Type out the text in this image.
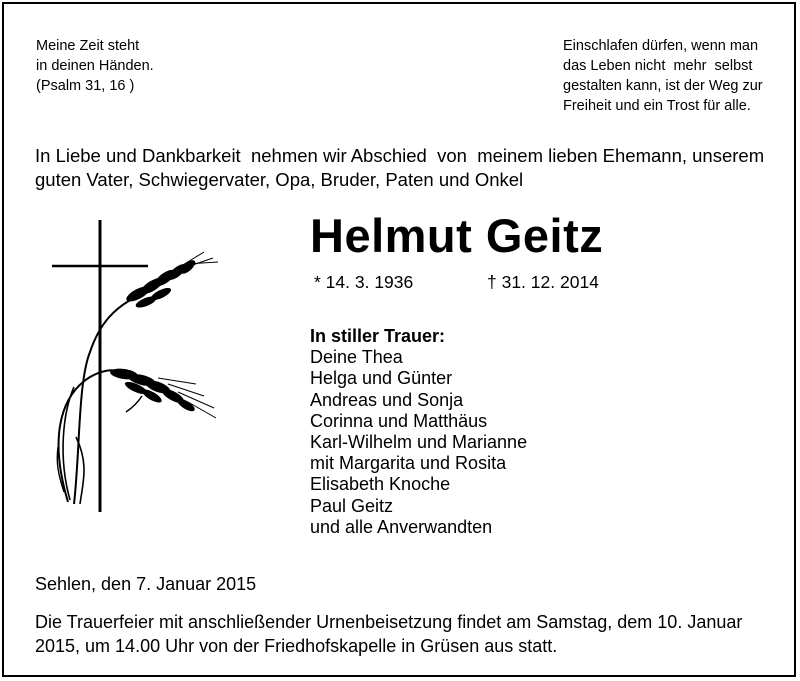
Meine Zeit steht
in deinen Händen.
(Psalm 31, 16 )
Einschlafen dürfen, wenn man
das Leben nicht  mehr  selbst
gestalten kann, ist der Weg zur
Freiheit und ein Trost für alle.
In Liebe und Dankbarkeit  nehmen wir Abschied  von  meinem lieben Ehemann, unserem
guten Vater, Schwiegervater, Opa, Bruder, Paten und Onkel
Helmut Geitz
* 14. 3. 1936	† 31. 12. 2014
In stiller Trauer:
Deine Thea
Helga und Günter
Andreas und Sonja
Corinna und Matthäus
Karl-Wilhelm und Marianne
mit Margarita und Rosita
Elisabeth Knoche
Paul Geitz
und alle Anverwandten
Sehlen, den 7. Januar 2015
Die Trauerfeier mit anschließender Urnenbeisetzung findet am Samstag, dem 10. Januar
2015, um 14.00 Uhr von der Friedhofskapelle in Grüsen aus statt.
